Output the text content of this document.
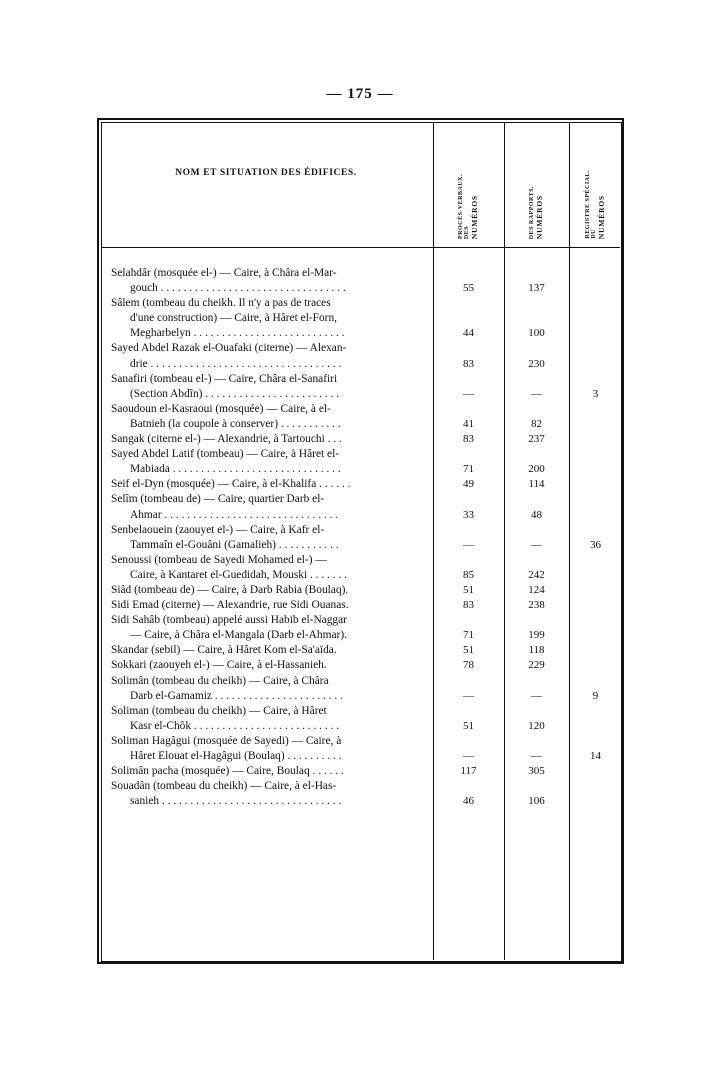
— 175 —
NOM ET SITUATION DES ÉDIFICES.
NUMÉROS
DES
PROCÈS-VERBAUX.	NUMÉROS
DES RAPPORTS.	NUMÉROS
DU
REGISTRE SPÉCIAL.
Selahdâr (mosquée el-) — Caire, à Châra el-Mar-
gouch . . . . . . . . . . . . . . . . . . . . . . . . . . . . . . . . .	55	137
Sâlem (tombeau du cheikh. Il n'y a pas de traces
d'une construction) — Caire, à Hâret el-Forn,
Megharbelyn . . . . . . . . . . . . . . . . . . . . . . . . . . .	44	100
Sayed Abdel Razak el-Ouafaki (citerne) — Alexan-
drie . . . . . . . . . . . . . . . . . . . . . . . . . . . . . . . . . .	83	230
Sanafiri (tombeau el-) — Caire, Châra el-Sanafiri
(Section Abdîn) . . . . . . . . . . . . . . . . . . . . . . . .	—	—	3
Saoudoun el-Kasraoui (mosquée) — Caire, à el-
Batnieh (la coupole à conserver) . . . . . . . . . . .	41	82
Sangak (citerne el-) — Alexandrie, à Tartouchi . . .	83	237
Sayed Abdel Latif (tombeau) — Caire, à Hâret el-
Mabiada . . . . . . . . . . . . . . . . . . . . . . . . . . . . . .	71	200
Seif el-Dyn (mosquée) — Caire, à el-Khalifa . . . . . .	49	114
Selîm (tombeau de) — Caire, quartier Darb el-
Ahmar . . . . . . . . . . . . . . . . . . . . . . . . . . . . . . .	33	48
Senbelaouein (zaouyet el-) — Caire, à Kafr el-
Tammaîn el-Gouâni (Gamalieh) . . . . . . . . . . .	—	—	36
Senoussi (tombeau de Sayedi Mohamed el-) —
Caire, à Kantaret el-Guedidah, Mouski . . . . . . .	85	242
Siâd (tombeau de) — Caire, à Darb Rabia (Boulaq).	51	124
Sidi Emad (citerne) — Alexandrie, rue Sidi Ouanas.	83	238
Sidi Sahâb (tombeau) appelé aussi Habib el-Naggar
— Caire, à Châra el-Mangala (Darb el-Ahmar).	71	199
Skandar (sebil) — Caire, à Hâret Kom el-Sa'aïda.	51	118
Sokkari (zaouyeh el-) — Caire, à el-Hassanieh.	78	229
Solimân (tombeau du cheikh) — Caire, à Châra
Darb el-Gamamiz . . . . . . . . . . . . . . . . . . . . . . .	—	—	9
Soliman (tombeau du cheikh) — Caire, à Hâret
Kasr el-Chôk . . . . . . . . . . . . . . . . . . . . . . . . . .	51	120
Soliman Hagâgui (mosquée de Sayedi) — Caire, à
Hâret Elouat el-Hagâgui (Boulaq) . . . . . . . . . .	—	—	14
Solimân pacha (mosquée) — Caire, Boulaq . . . . . .	117	305
Souadân (tombeau du cheikh) — Caire, à el-Has-
sanieh . . . . . . . . . . . . . . . . . . . . . . . . . . . . . . . .	46	106
